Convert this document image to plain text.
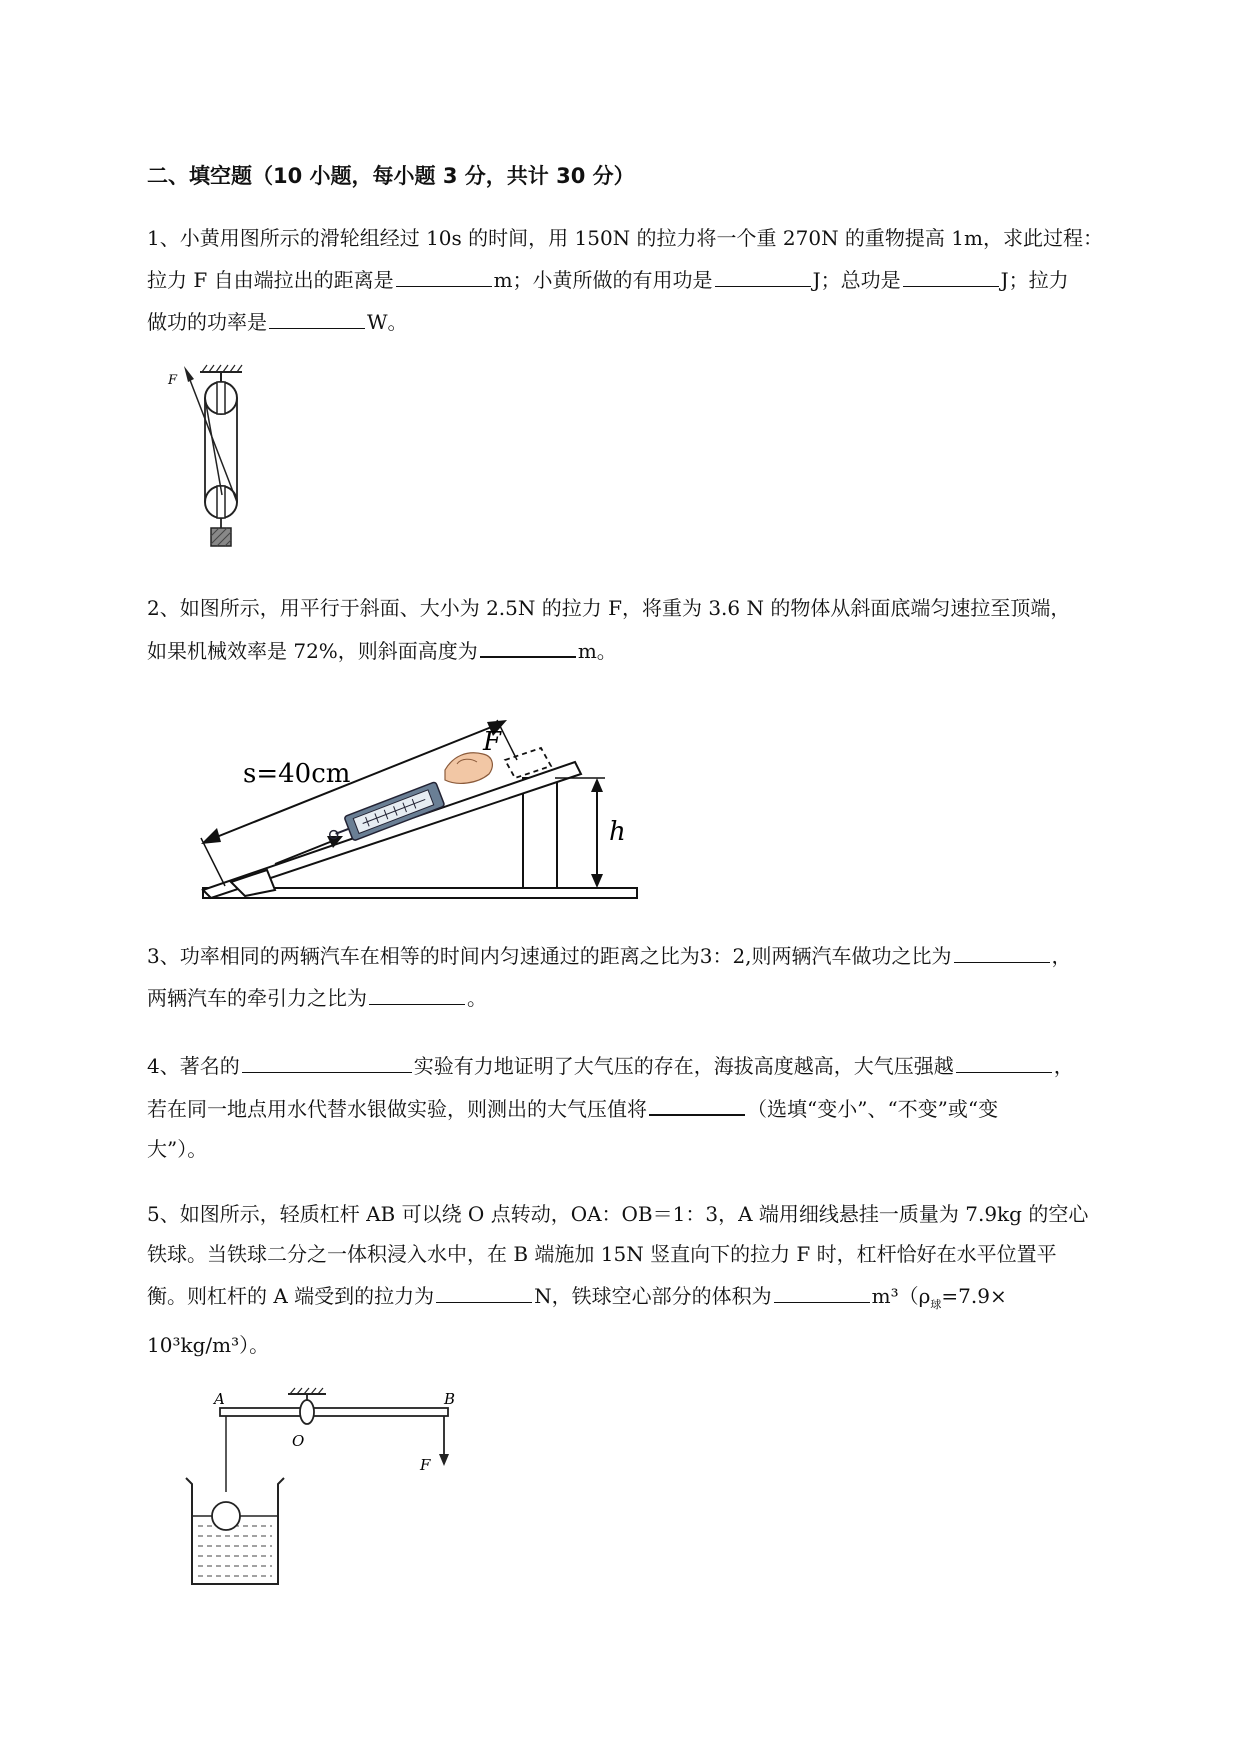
二、填空题（10 小题，每小题 3 分，共计 30 分）
1、小黄用图所示的滑轮组经过 10s 的时间，用 150N 的拉力将一个重 270N 的重物提高 1m，求此过程：
拉力 F 自由端拉出的距离是	m；小黄所做的有用功是	J；总功是	J；拉力
做功的功率是	W。
F
2、如图所示，用平行于斜面、大小为 2.5N 的拉力 F，将重为 3.6 N 的物体从斜面底端匀速拉至顶端，
如果机械效率是 72%，则斜面高度为	m。
s=40cm
F
h
3、功率相同的两辆汽车在相等的时间内匀速通过的距离之比为3：2,则两辆汽车做功之比为	，
两辆汽车的牵引力之比为	。
4、著名的	实验有力地证明了大气压的存在，海拔高度越高，大气压强越	，
若在同一地点用水代替水银做实验，则测出的大气压值将	（选填“变小”、“不变”或“变
大”）。
5、如图所示，轻质杠杆 AB 可以绕 O 点转动，OA：OB＝1：3，A 端用细线悬挂一质量为 7.9kg 的空心
铁球。当铁球二分之一体积浸入水中，在 B 端施加 15N 竖直向下的拉力 F 时，杠杆恰好在水平位置平
衡。则杠杆的 A 端受到的拉力为	N，铁球空心部分的体积为	$m^3(\rho_球=7.9\times$
10³kg/m³）。
A	B
O
F
